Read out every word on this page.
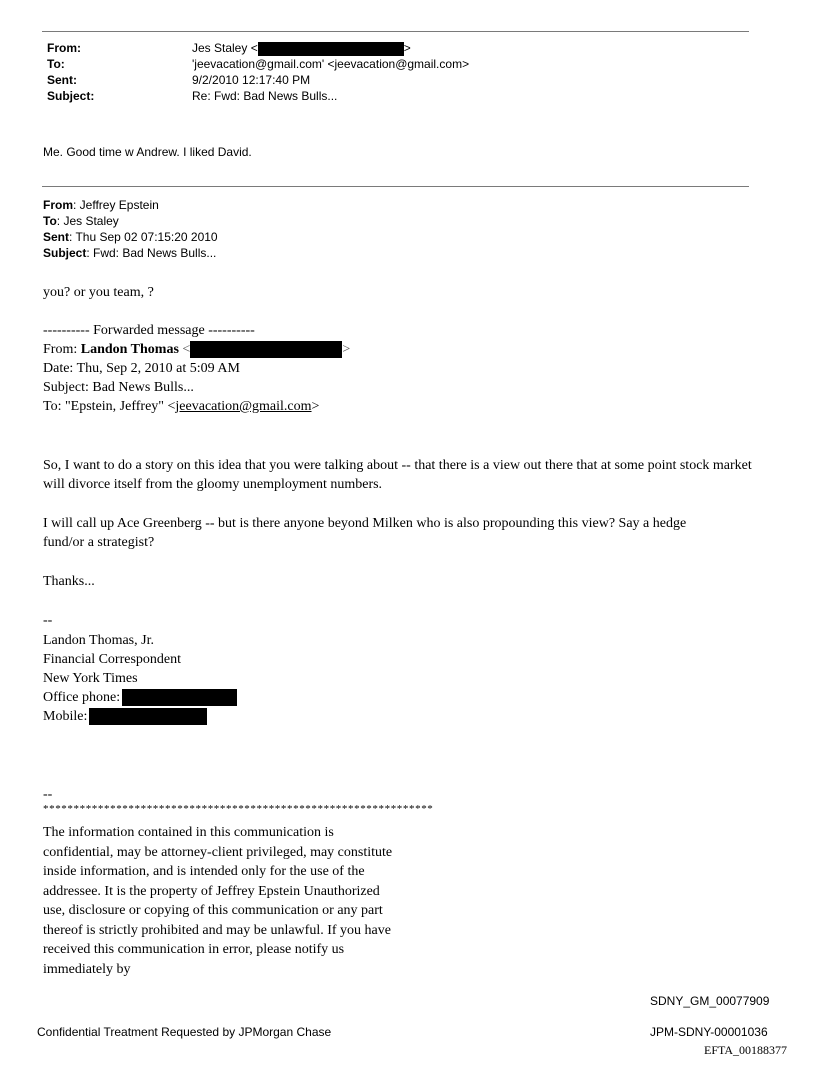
From:	Jes Staley <	>
To:	'jeevacation@gmail.com' <jeevacation@gmail.com>
Sent:	9/2/2010 12:17:40 PM
Subject:	Re: Fwd: Bad News Bulls...
Me. Good time w Andrew. I liked David.
From: Jeffrey Epstein
To: Jes Staley
Sent: Thu Sep 02 07:15:20 2010
Subject: Fwd: Bad News Bulls...
you? or you team, ?
---------- Forwarded message ----------
From: Landon Thomas <	>
Date: Thu, Sep 2, 2010 at 5:09 AM
Subject: Bad News Bulls...
To: "Epstein, Jeffrey" <jeevacation@gmail.com>
So, I want to do a story on this idea that you were talking about -- that there is a view out there that at some point stock market will divorce itself from the gloomy unemployment numbers.
I will call up Ace Greenberg -- but is there anyone beyond Milken who is also propounding this view? Say a hedge fund/or a strategist?
Thanks...
--
Landon Thomas, Jr.
Financial Correspondent
New York Times
Office phone:
Mobile:
--
****************************************************************
The information contained in this communication is confidential, may be attorney-client privileged, may constitute inside information, and is intended only for the use of the addressee. It is the property of Jeffrey Epstein Unauthorized use, disclosure or copying of this communication or any part thereof is strictly prohibited and may be unlawful. If you have received this communication in error, please notify us immediately by
SDNY_GM_00077909
Confidential Treatment Requested by JPMorgan Chase	JPM-SDNY-00001036
EFTA_00188377
